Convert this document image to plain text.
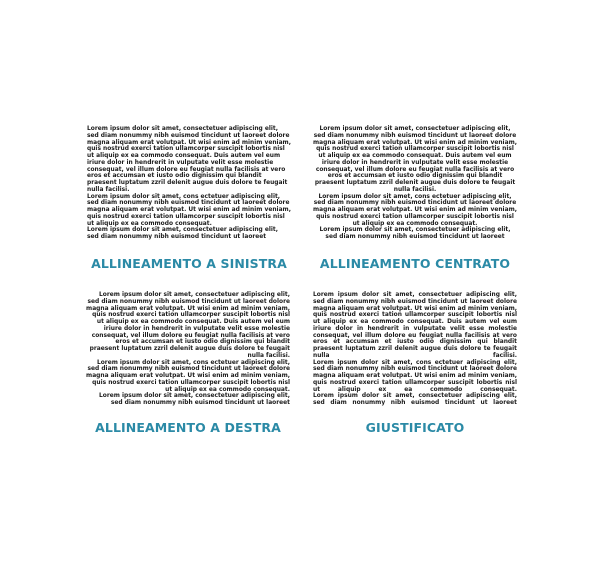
Lorem ipsum dolor sit amet, consectetuer adipiscing elit, sed diam nonummy nibh euismod tincidunt ut laoreet dolore magna aliquam erat volutpat. Ut wisi enim ad minim veniam, quis nostrud exerci tation ullamcorper suscipit lobortis nisl ut aliquip ex ea commodo consequat. Duis autem vel eum iriure dolor in hendrerit in vulputate velit esse molestie consequat, vel illum dolore eu feugiat nulla facilisis at vero eros et accumsan et iusto odio dignissim qui blandit praesent luptatum zzril delenit augue duis dolore te feugait nulla facilisi.

Lorem ipsum dolor sit amet, cons ectetuer adipiscing elit, sed diam nonummy nibh euismod tincidunt ut laoreet dolore magna aliquam erat volutpat. Ut wisi enim ad minim veniam, quis nostrud exerci tation ullamcorper suscipit lobortis nisl ut aliquip ex ea commodo consequat.

Lorem ipsum dolor sit amet, consectetuer adipiscing elit, sed diam nonummy nibh euismod tincidunt ut laoreet

ALLINEAMENTO A SINISTRA

Lorem ipsum dolor sit amet, consectetuer adipiscing elit, sed diam nonummy nibh euismod tincidunt ut laoreet dolore magna aliquam erat volutpat. Ut wisi enim ad minim veniam, quis nostrud exerci tation ullamcorper suscipit lobortis nisl ut aliquip ex ea commodo consequat. Duis autem vel eum iriure dolor in hendrerit in vulputate velit esse molestie consequat, vel illum dolore eu feugiat nulla facilisis at vero eros et accumsan et iusto odio dignissim qui blandit praesent luptatum zzril delenit augue duis dolore te feugait nulla facilisi.

Lorem ipsum dolor sit amet, cons ectetuer adipiscing elit, sed diam nonummy nibh euismod tincidunt ut laoreet dolore magna aliquam erat volutpat. Ut wisi enim ad minim veniam, quis nostrud exerci tation ullamcorper suscipit lobortis nisl ut aliquip ex ea commodo consequat.

Lorem ipsum dolor sit amet, consectetuer adipiscing elit, sed diam nonummy nibh euismod tincidunt ut laoreet

ALLINEAMENTO CENTRATO

Lorem ipsum dolor sit amet, consectetuer adipiscing elit, sed diam nonummy nibh euismod tincidunt ut laoreet dolore magna aliquam erat volutpat. Ut wisi enim ad minim veniam, quis nostrud exerci tation ullamcorper suscipit lobortis nisl ut aliquip ex ea commodo consequat. Duis autem vel eum iriure dolor in hendrerit in vulputate velit esse molestie consequat, vel illum dolore eu feugiat nulla facilisis at vero eros et accumsan et iusto odio dignissim qui blandit praesent luptatum zzril delenit augue duis dolore te feugait nulla facilisi.

Lorem ipsum dolor sit amet, cons ectetuer adipiscing elit, sed diam nonummy nibh euismod tincidunt ut laoreet dolore magna aliquam erat volutpat. Ut wisi enim ad minim veniam, quis nostrud exerci tation ullamcorper suscipit lobortis nisl ut aliquip ex ea commodo consequat.

Lorem ipsum dolor sit amet, consectetuer adipiscing elit, sed diam nonummy nibh euismod tincidunt ut laoreet

ALLINEAMENTO A DESTRA

Lorem ipsum dolor sit amet, consectetuer adipiscing elit, sed diam nonummy nibh euismod tincidunt ut laoreet dolore magna aliquam erat volutpat. Ut wisi enim ad minim veniam, quis nostrud exerci tation ullamcorper suscipit lobortis nisl ut aliquip ex ea commodo consequat. Duis autem vel eum iriure dolor in hendrerit in vulputate velit esse molestie consequat, vel illum dolore eu feugiat nulla facilisis at vero eros et accumsan et iusto odio dignissim qui blandit praesent luptatum zzril delenit augue duis dolore te feugait nulla facilisi.

Lorem ipsum dolor sit amet, cons ectetuer adipiscing elit, sed diam nonummy nibh euismod tincidunt ut laoreet dolore magna aliquam erat volutpat. Ut wisi enim ad minim veniam, quis nostrud exerci tation ullamcorper suscipit lobortis nisl ut aliquip ex ea commodo consequat.

Lorem ipsum dolor sit amet, consectetuer adipiscing elit, sed diam nonummy nibh euismod tincidunt ut laoreet

GIUSTIFICATO
